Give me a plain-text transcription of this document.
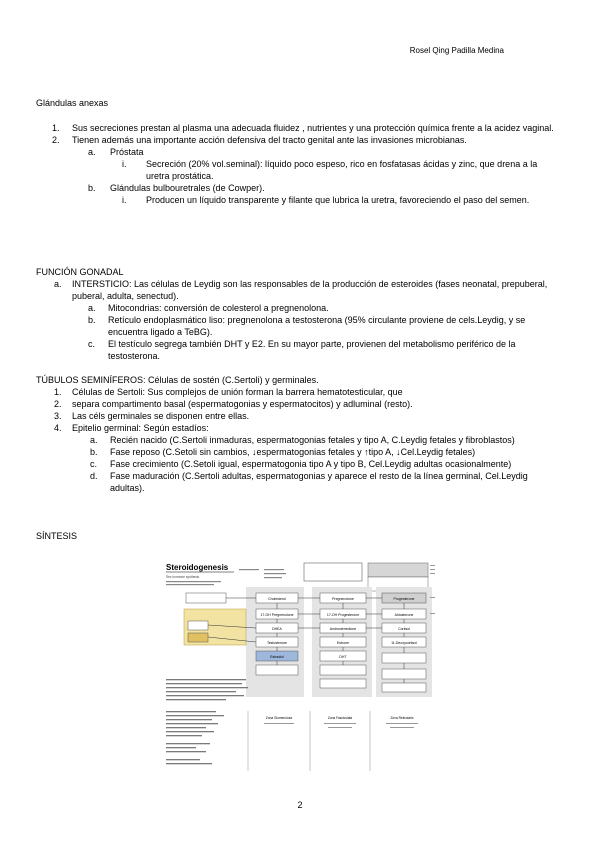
Rosel Qing Padilla Medina
Glándulas anexas
1. Sus secreciones prestan al plasma una adecuada fluidez , nutrientes y una protección química frente a la acidez vaginal.
2. Tienen además una importante acción defensiva del tracto genital ante las invasiones microbianas.
a. Próstata
i. Secreción (20% vol.seminal): líquido poco espeso, rico en fosfatasas ácidas y zinc, que drena a la
uretra prostática.
b. Glándulas bulbouretrales (de Cowper).
i. Producen un líquido transparente y filante que lubrica la uretra, favoreciendo el paso del semen.
FUNCIÓN GONADAL
a. INTERSTICIO: Las células de Leydig son las responsables de la producción de esteroides (fases neonatal, prepuberal,
puberal, adulta, senectud).
a. Mitocondrias: conversión de colesterol a pregnenolona.
b. Retículo endoplasmático liso: pregnenolona a testosterona (95% circulante proviene de cels.Leydig, y se
encuentra ligado a TeBG).
c. El testículo segrega también DHT y E2. En su mayor parte, provienen del metabolismo periférico de la
testosterona.
TÚBULOS SEMINÍFEROS: Células de sostén (C.Sertoli) y germinales.
1. Células de Sertoli: Sus complejos de unión forman la barrera hematotesticular, que
2. separa compartimento basal (espermatogonias y espermatocitos) y adluminal (resto).
3. Las céls germinales se disponen entre ellas.
4. Epitelio germinal: Según estadíos:
a. Recién nacido (C.Sertoli inmaduras, espermatogonias fetales y tipo A, C.Leydig fetales y fibroblastos)
b. Fase reposo (C.Setoli sin cambios, ↓espermatogonias fetales y ↑tipo A, ↓Cel.Leydig fetales)
c. Fase crecimiento (C.Setoli igual, espermatogonia tipo A y tipo B, Cel.Leydig adultas ocasionalmente)
d. Fase maduración (C.Sertoli adultas, espermatogonias y aparece el resto de la línea germinal, Cel.Leydig
adultas).
SÍNTESIS
Steroidogenesis
Sex hormone synthesis
Cholesterol	Pregnenolone	Progesterone
17-OH Pregnenolone	17-OH Progesterone	Aldosterone
DHEA	Androstenedione	Cortisol
Testosterone	Estrone	11-Deoxycortisol
Estradiol	DHT
Zona Glomerulosa	Zona Fasciculata	Zona Reticularis
2
